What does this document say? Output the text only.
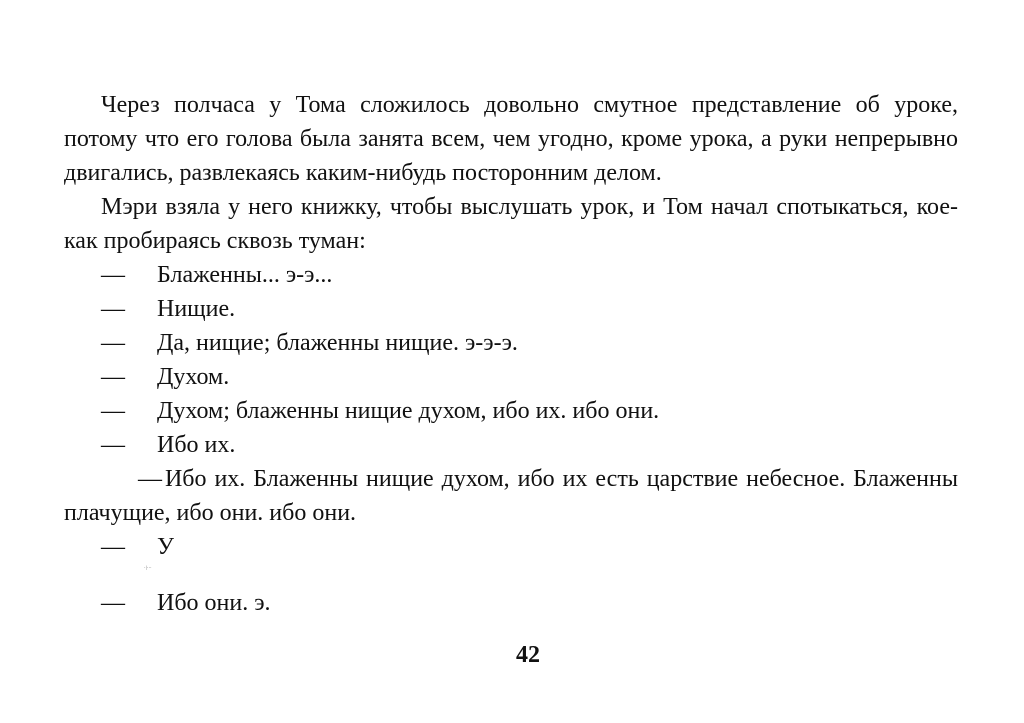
Через полчаса у Тома сложилось довольно смутное представление об уроке, потому что его голова была занята всем, чем угодно, кроме урока, а руки непрерывно двигались, развлекаясь каким-нибудь посторонним делом.

Мэри взяла у него книжку, чтобы выслушать урок, и Том начал спотыкаться, кое-как пробираясь сквозь туман:

— Блаженны... э-э...

— Нищие.

— Да, нищие; блаженны нищие. э-э-э.

— Духом.

— Духом; блаженны нищие духом, ибо их. ибо они.

— Ибо их.

— Ибо их. Блаженны нищие духом, ибо их есть царствие небесное. Блаженны плачущие, ибо они. ибо они.

— У

·|···

— Ибо они. э.

42
